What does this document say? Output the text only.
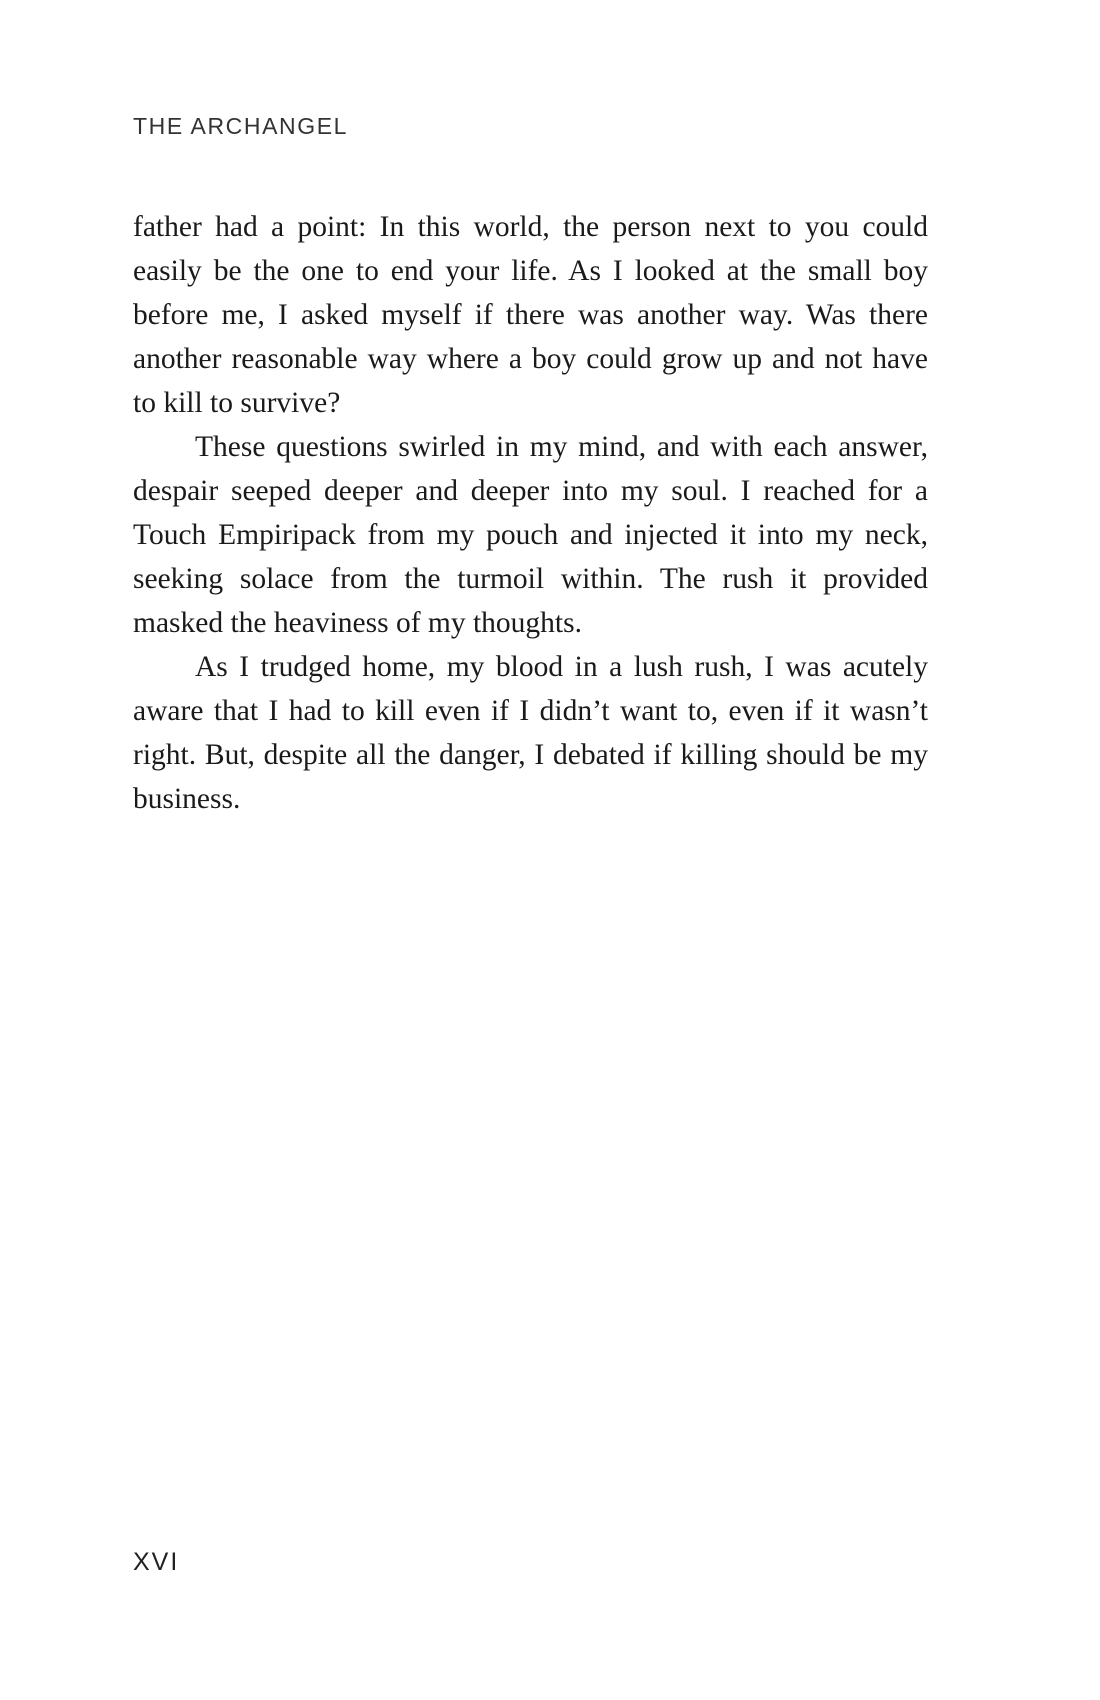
THE ARCHANGEL

father had a point: In this world, the person next to you could easily be the one to end your life. As I looked at the small boy before me, I asked myself if there was another way. Was there another reasonable way where a boy could grow up and not have to kill to survive?

These questions swirled in my mind, and with each answer, despair seeped deeper and deeper into my soul. I reached for a Touch Empiripack from my pouch and injected it into my neck, seeking solace from the turmoil within. The rush it provided masked the heaviness of my thoughts.

As I trudged home, my blood in a lush rush, I was acutely aware that I had to kill even if I didn’t want to, even if it wasn’t right. But, despite all the danger, I debated if killing should be my business.

XVI
